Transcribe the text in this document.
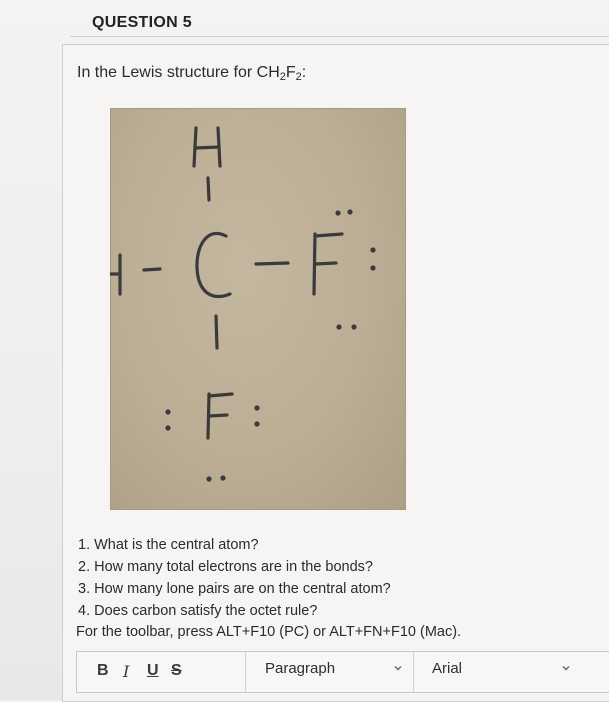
QUESTION 5
In the Lewis structure for $CH_2F_2$:
1. What is the central atom?
2. How many total electrons are in the bonds?
3. How many lone pairs are on the central atom?
4. Does carbon satisfy the octet rule?
For the toolbar, press ALT+F10 (PC) or ALT+FN+F10 (Mac).
B I U S	Paragraph	Arial
